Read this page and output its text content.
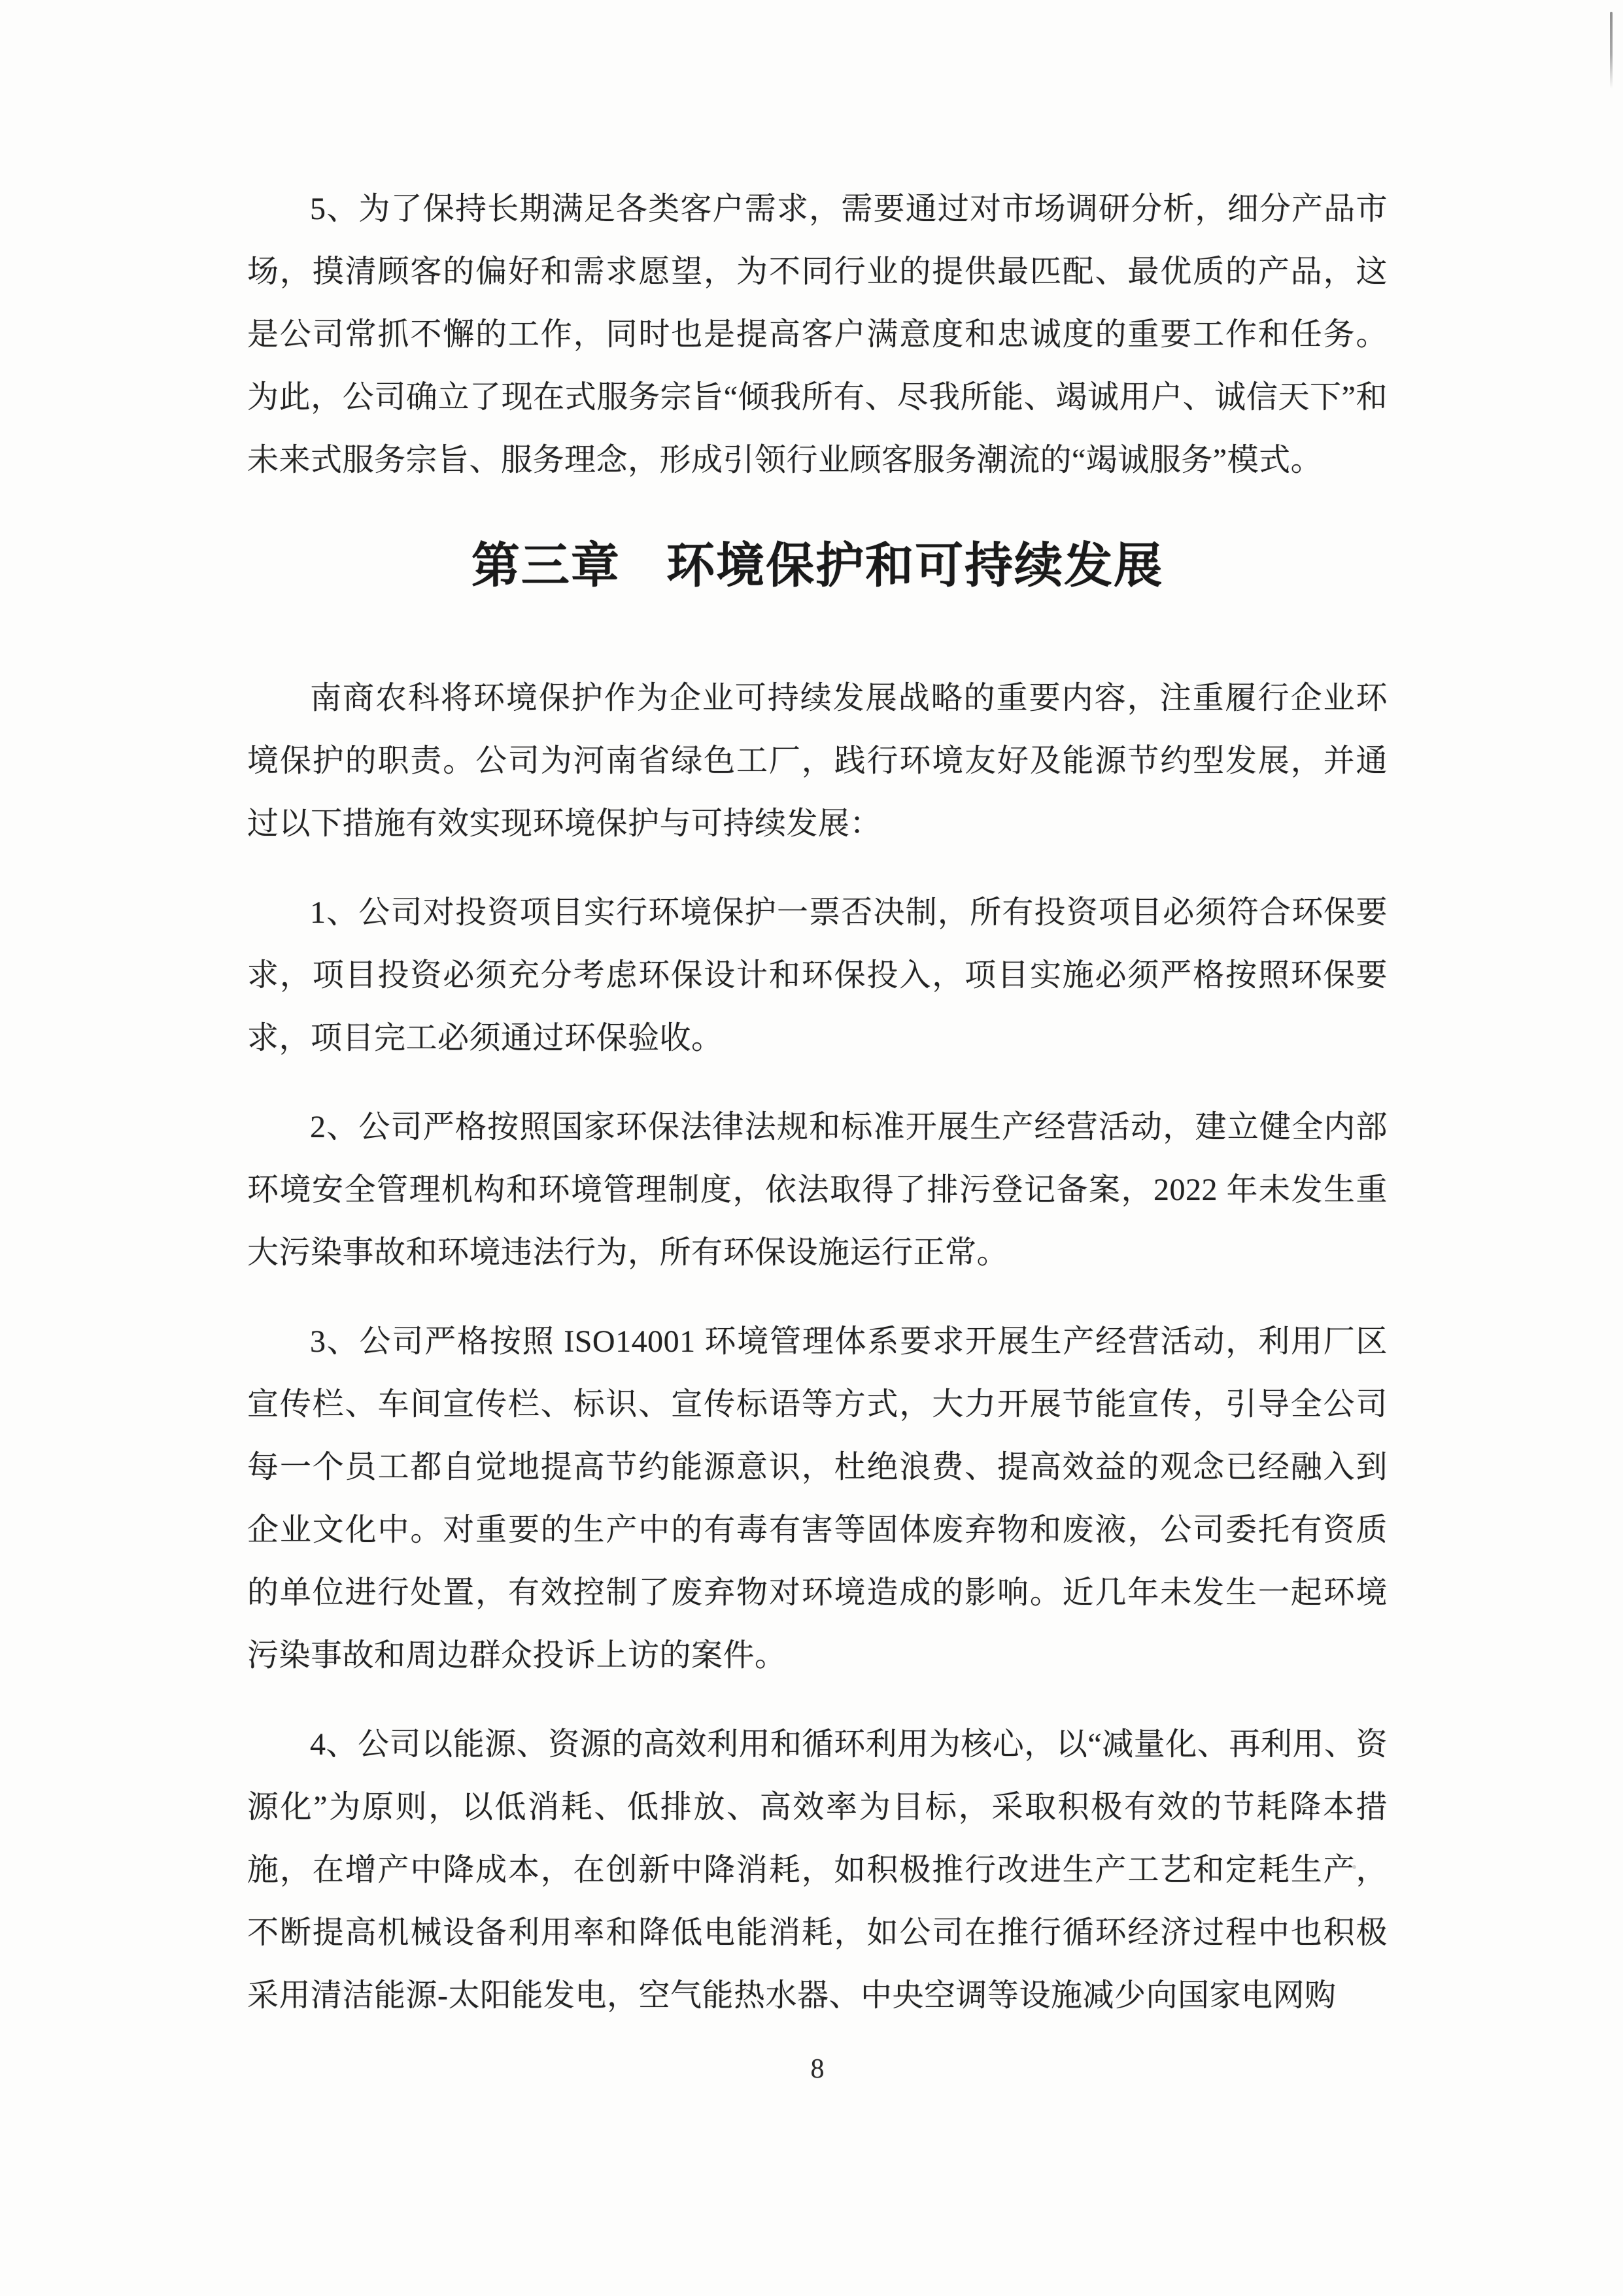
5、为了保持长期满足各类客户需求，需要通过对市场调研分析，细分产品市场，摸清顾客的偏好和需求愿望，为不同行业的提供最匹配、最优质的产品，这是公司常抓不懈的工作，同时也是提高客户满意度和忠诚度的重要工作和任务。为此，公司确立了现在式服务宗旨“倾我所有、尽我所能、竭诚用户、诚信天下”和未来式服务宗旨、服务理念，形成引领行业顾客服务潮流的“竭诚服务”模式。

第三章 环境保护和可持续发展

南商农科将环境保护作为企业可持续发展战略的重要内容，注重履行企业环境保护的职责。公司为河南省绿色工厂，践行环境友好及能源节约型发展，并通过以下措施有效实现环境保护与可持续发展：

1、公司对投资项目实行环境保护一票否决制，所有投资项目必须符合环保要求，项目投资必须充分考虑环保设计和环保投入，项目实施必须严格按照环保要求，项目完工必须通过环保验收。

2、公司严格按照国家环保法律法规和标准开展生产经营活动，建立健全内部环境安全管理机构和环境管理制度，依法取得了排污登记备案，2022 年未发生重大污染事故和环境违法行为，所有环保设施运行正常。

3、公司严格按照 ISO14001 环境管理体系要求开展生产经营活动，利用厂区宣传栏、车间宣传栏、标识、宣传标语等方式，大力开展节能宣传，引导全公司每一个员工都自觉地提高节约能源意识，杜绝浪费、提高效益的观念已经融入到企业文化中。对重要的生产中的有毒有害等固体废弃物和废液，公司委托有资质的单位进行处置，有效控制了废弃物对环境造成的影响。近几年未发生一起环境污染事故和周边群众投诉上访的案件。

4、公司以能源、资源的高效利用和循环利用为核心，以“减量化、再利用、资源化”为原则，以低消耗、低排放、高效率为目标，采取积极有效的节耗降本措施，在增产中降成本，在创新中降消耗，如积极推行改进生产工艺和定耗生产，不断提高机械设备利用率和降低电能消耗，如公司在推行循环经济过程中也积极采用清洁能源-太阳能发电，空气能热水器、中央空调等设施减少向国家电网购

8
